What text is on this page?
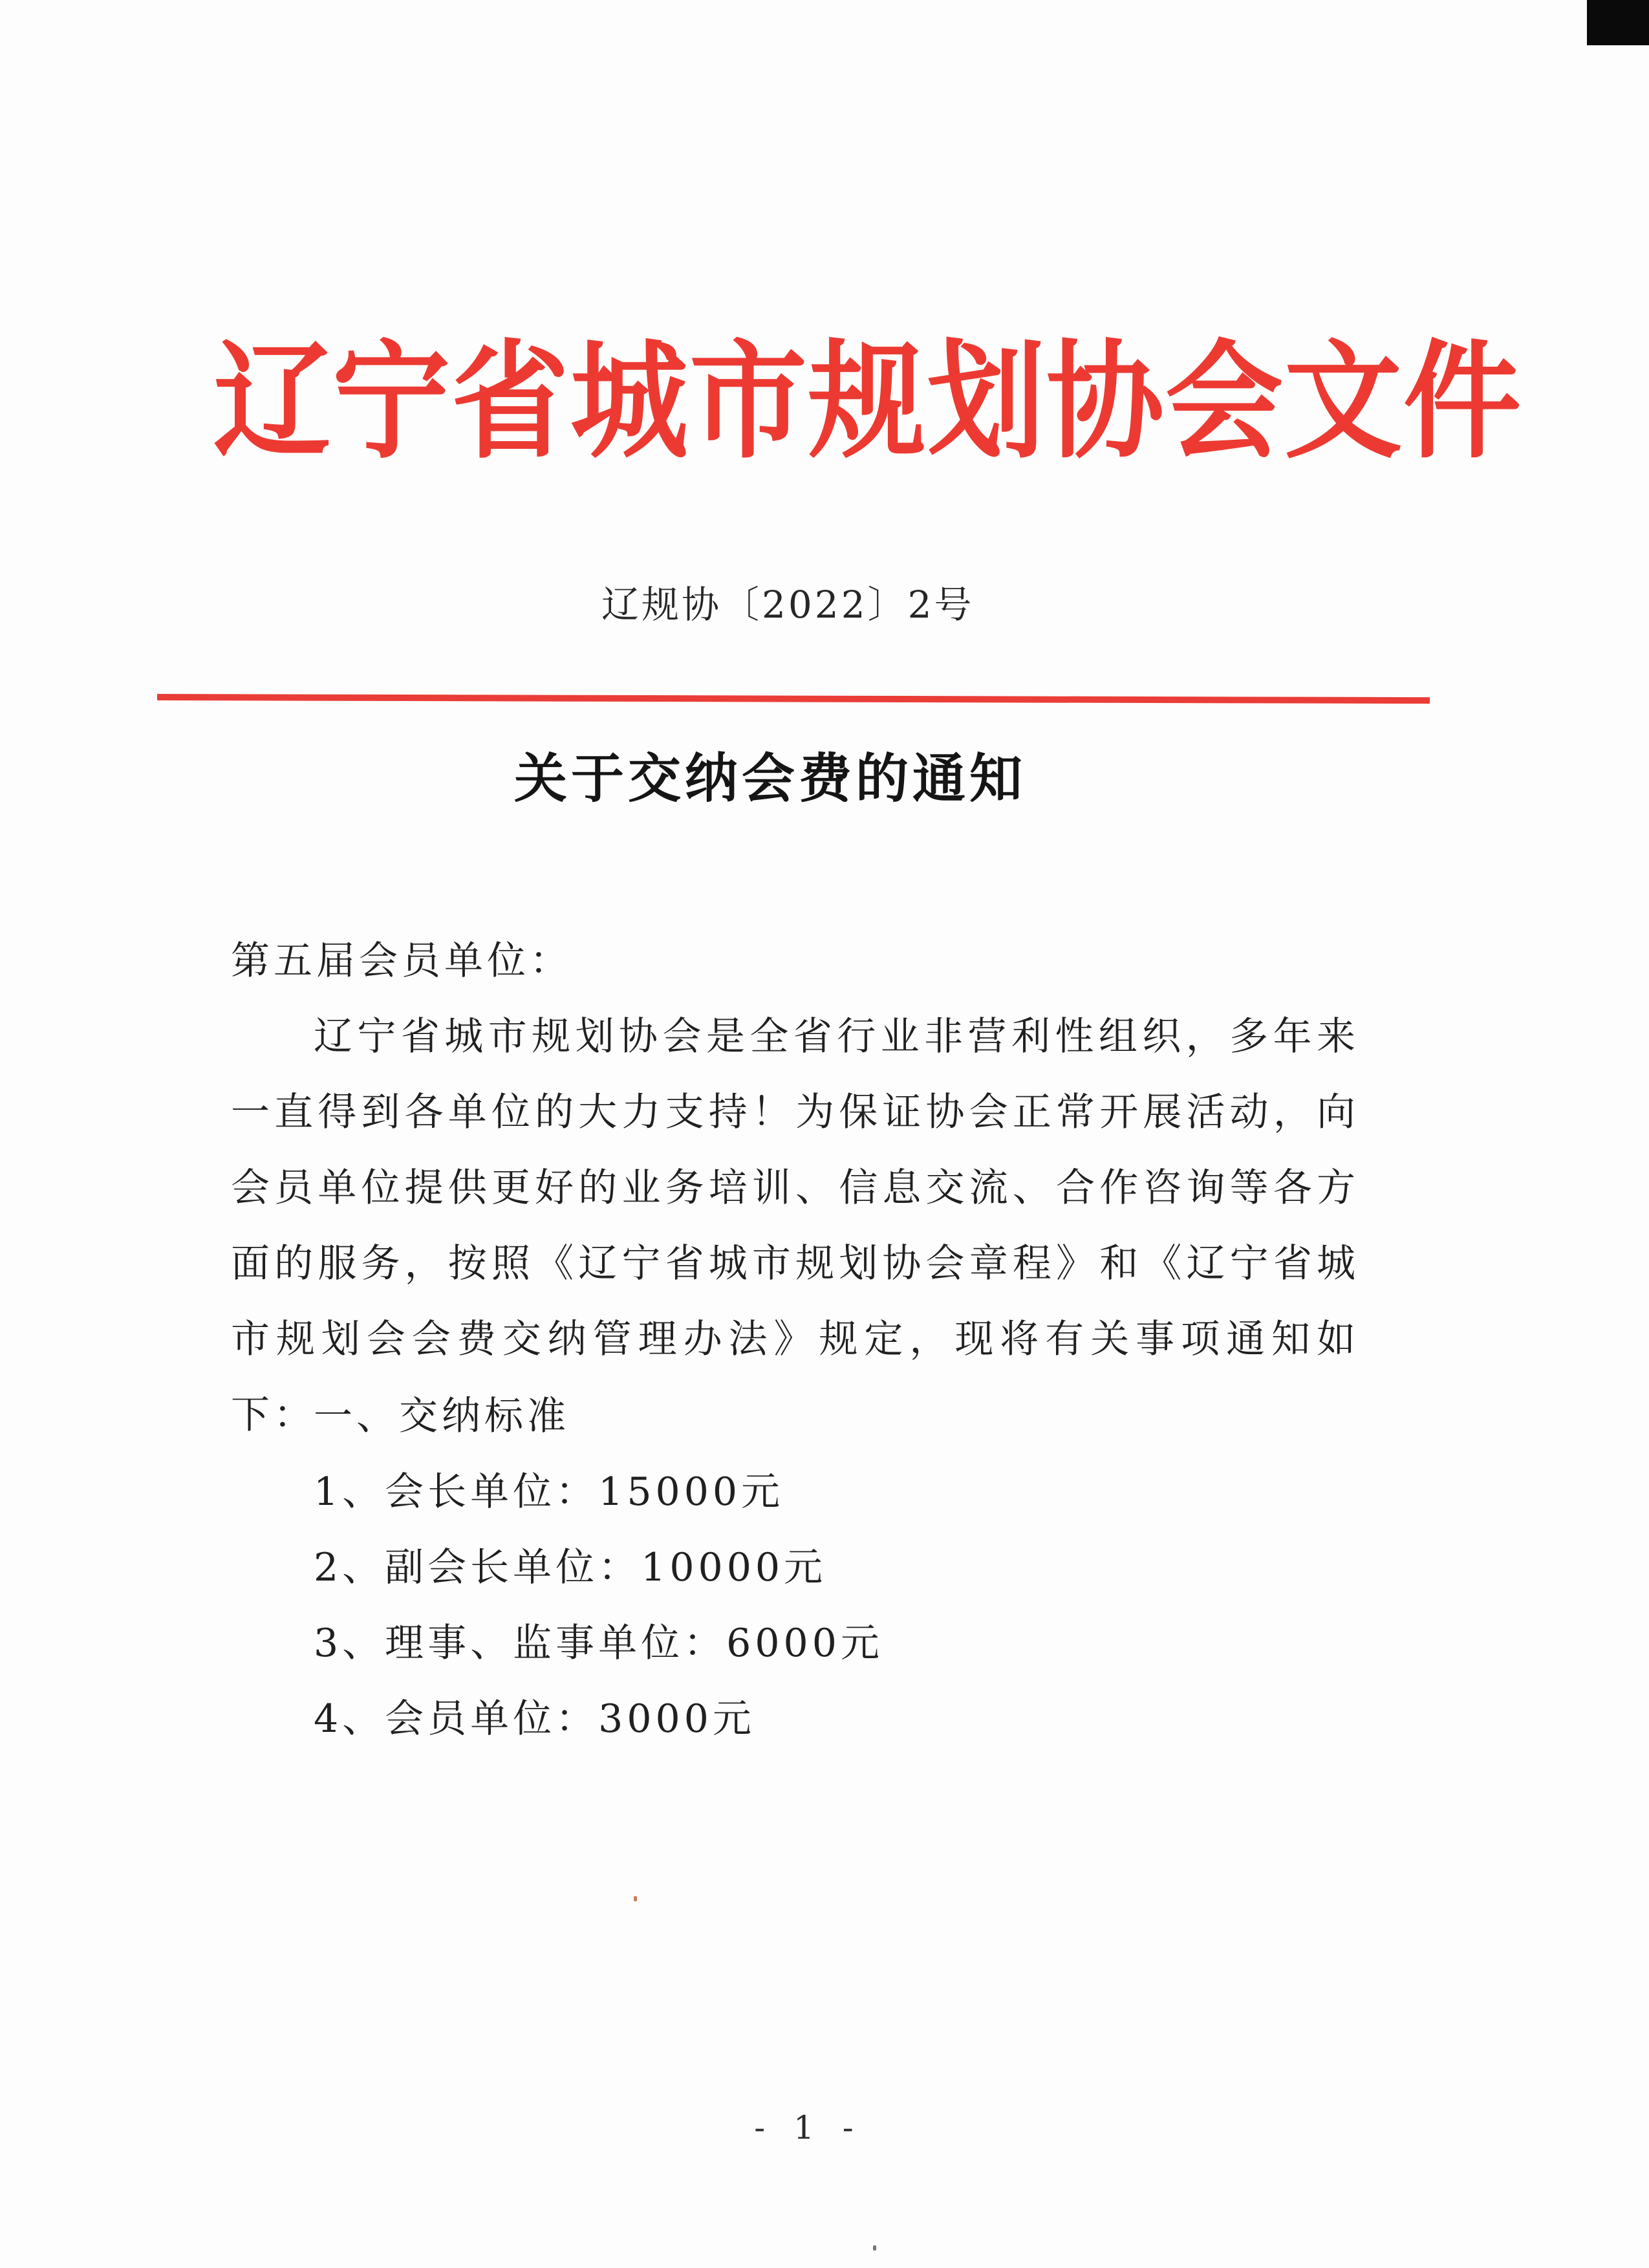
辽宁省城市规划协会文件
辽规协〔2022〕2号
关于交纳会费的通知
第五届会员单位：
辽宁省城市规划协会是全省行业非营利性组织，多年来一直得到各单位的大力支持！为保证协会正常开展活动，向会员单位提供更好的业务培训、信息交流、合作咨询等各方面的服务，按照《辽宁省城市规划协会章程》和《辽宁省城市规划会会费交纳管理办法》规定，现将有关事项通知如下：
一、交纳标准
1、会长单位：15000元
2、副会长单位：10000元
3、理事、监事单位：6000元
4、会员单位：3000元
- 1 -
